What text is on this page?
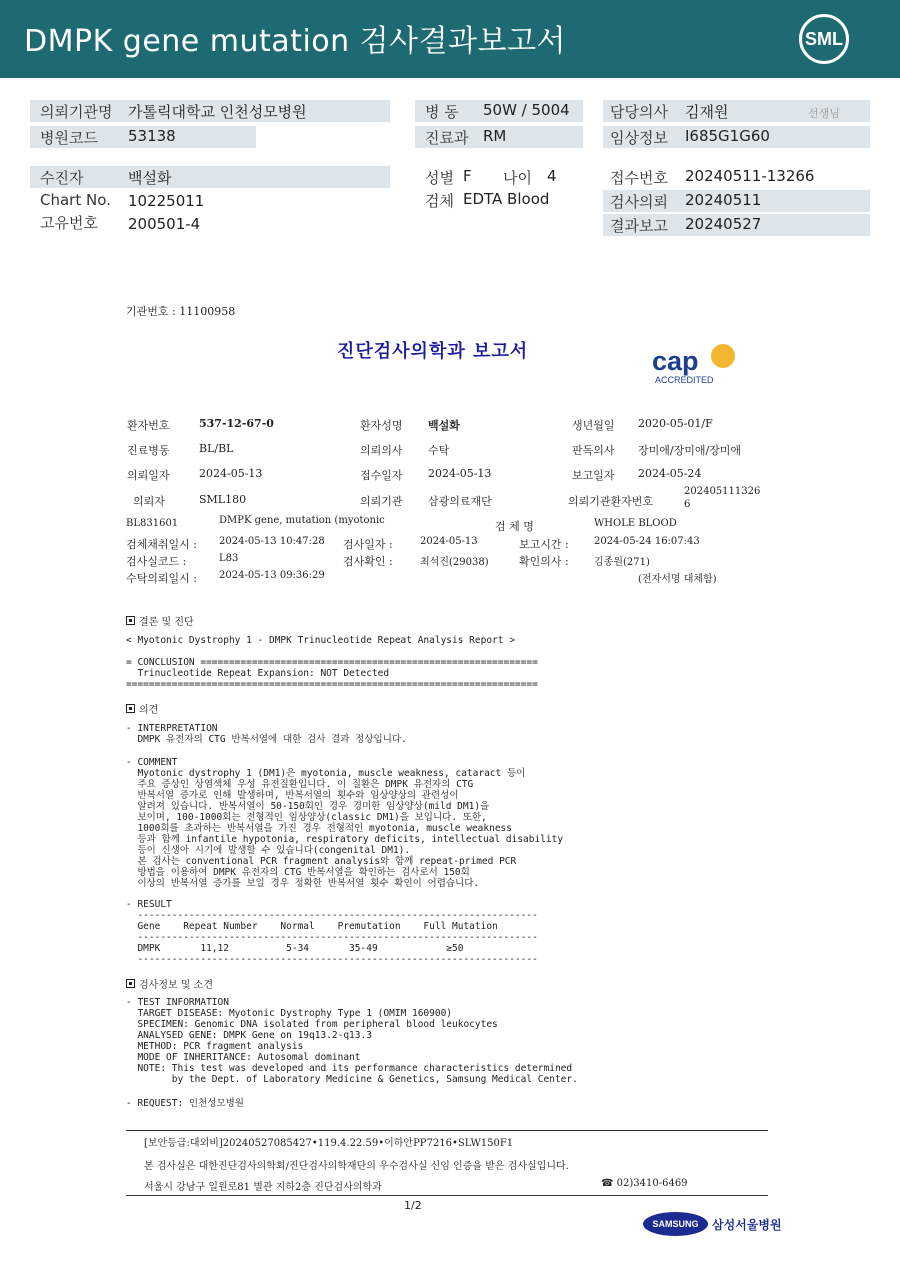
DMPK gene mutation 검사결과보고서	SML
의뢰기관명 가톨릭대학교 인천성모병원
병원코드 53138
병 동 50W / 5004
진료과 RM
담당의사 김재원	선생님
임상정보 I685G1G60
수진자	백설화
Chart No. 10225011
고유번호 200501-4
성별 F 나이 4
검체 EDTA Blood
접수번호 20240511-13266
검사의뢰 20240511
결과보고 20240527
기관번호 : 11100958
진단검사의학과 보고서	cap
ACCREDITED
환자번호	537-12-67-0	환자성명 백설화	생년월일 2020-05-01/F
진료병동	BL/BL	의뢰의사 수탁	판독의사 장미애/장미애/장미애
의뢰일자	2024-05-13	접수일자 2024-05-13	보고일자 2024-05-24
의뢰자	SML180	의뢰기관 삼광의료재단	의뢰기관환자번호
202405111326
6
BL831601	DMPK gene, mutation (myotonic	검 체 명	WHOLE BLOOD
검체채취일시 : 2024-05-13 10:47:28 검사일자 :	2024-05-13	보고시간 :	2024-05-24 16:07:43
검사실코드 :	L83	검사확인 :	최석진(29038)	확인의사 :	김종원(271)
수탁의뢰일시 : 2024-05-13 09:36:29	(전자서명 대체함)
결론 및 진단
< Myotonic Dystrophy 1 - DMPK Trinucleotide Repeat Analysis Report >
= CONCLUSION ===========================================================
Trinucleotide Repeat Expansion: NOT Detected
========================================================================
의견
- INTERPRETATION
DMPK 유전자의 CTG 반복서열에 대한 검사 결과 정상입니다.
- COMMENT
Myotonic dystrophy 1 (DM1)은 myotonia, muscle weakness, cataract 등이
주요 증상인 상염색체 우성 유전질환입니다. 이 질환은 DMPK 유전자의 CTG
반복서열 증가로 인해 발생하며, 반복서열의 횟수와 임상양상의 관련성이
알려져 있습니다. 반복서열이 50-150회인 경우 경미한 임상양상(mild DM1)을
보이며, 100-1000회는 전형적인 임상양상(classic DM1)을 보입니다. 또한,
1000회를 초과하는 반복서열을 가진 경우 전형적인 myotonia, muscle weakness
등과 함께 infantile hypotonia, respiratory deficits, intellectual disability
등이 신생아 시기에 발생할 수 있습니다(congenital DM1).
본 검사는 conventional PCR fragment analysis와 함께 repeat-primed PCR
방법을 이용하여 DMPK 유전자의 CTG 반복서열을 확인하는 검사로서 150회
이상의 반복서열 증가를 보일 경우 정확한 반복서열 횟수 확인이 어렵습니다.
- RESULT
----------------------------------------------------------------------
Gene    Repeat Number    Normal    Premutation    Full Mutation
----------------------------------------------------------------------
DMPK       11,12          5-34       35-49            ≥50
----------------------------------------------------------------------
검사정보 및 소견
- TEST INFORMATION
TARGET DISEASE: Myotonic Dystrophy Type 1 (OMIM 160900)
SPECIMEN: Genomic DNA isolated from peripheral blood leukocytes
ANALYSED GENE: DMPK Gene on 19q13.2-q13.3
METHOD: PCR fragment analysis
MODE OF INHERITANCE: Autosomal dominant
NOTE: This test was developed and its performance characteristics determined
by the Dept. of Laboratory Medicine & Genetics, Samsung Medical Center.
- REQUEST: 인천성모병원
[보안등급:대외비]20240527085427•119.4.22.59•이하안PP7216•SLW150F1
본 검사실은 대한진단검사의학회/진단검사의학재단의 우수검사실 신임 인증을 받은 검사실입니다.
서울시 강남구 일원로81 별관 지하2층 진단검사의학과	☎ 02)3410-6469
1/2
SAMSUNG	삼성서울병원
